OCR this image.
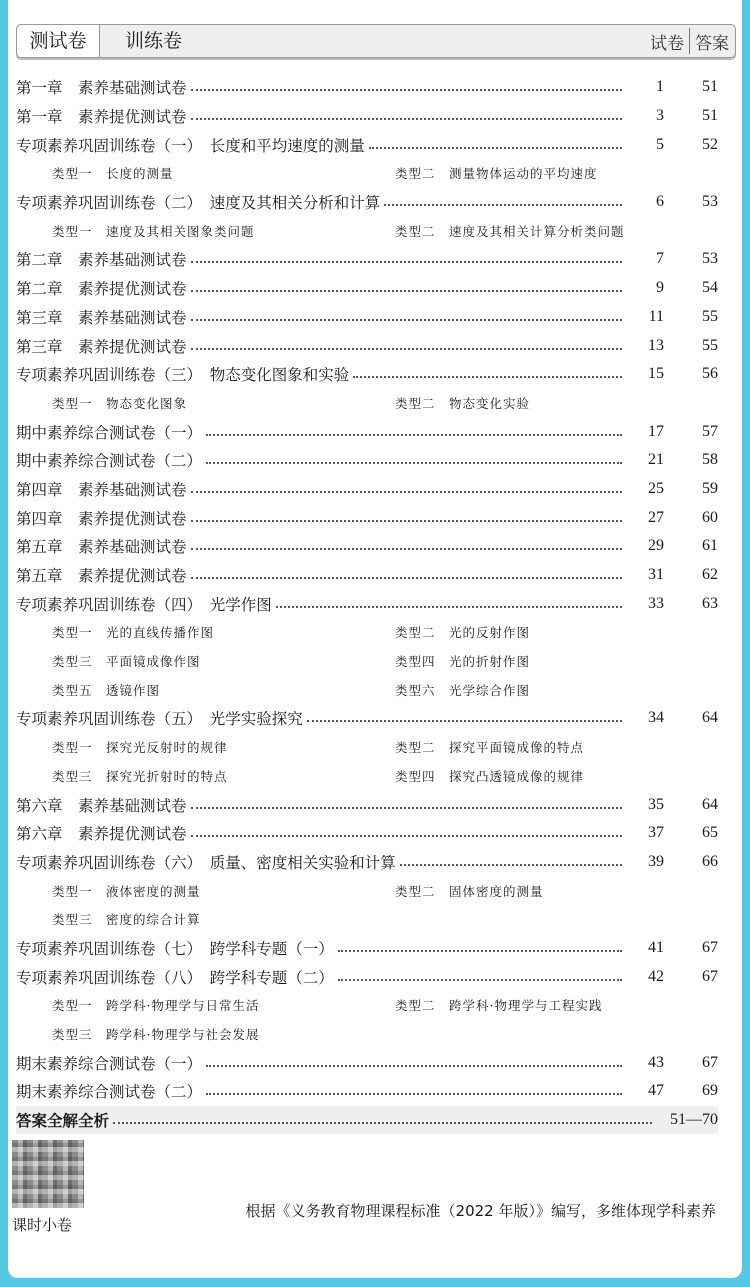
测试卷	训练卷	试卷 答案
第一章　素养基础测试卷	1	51
第一章　素养提优测试卷	3	51
专项素养巩固训练卷（一）　长度和平均速度的测量	5	52
类型一　长度的测量	类型二　测量物体运动的平均速度
专项素养巩固训练卷（二）　速度及其相关分析和计算	6	53
类型一　速度及其相关图象类问题	类型二　速度及其相关计算分析类问题
第二章　素养基础测试卷	7	53
第二章　素养提优测试卷	9	54
第三章　素养基础测试卷	11	55
第三章　素养提优测试卷	13	55
专项素养巩固训练卷（三）　物态变化图象和实验	15	56
类型一　物态变化图象	类型二　物态变化实验
期中素养综合测试卷（一）	17	57
期中素养综合测试卷（二）	21	58
第四章　素养基础测试卷	25	59
第四章　素养提优测试卷	27	60
第五章　素养基础测试卷	29	61
第五章　素养提优测试卷	31	62
专项素养巩固训练卷（四）　光学作图	33	63
类型一　光的直线传播作图	类型二　光的反射作图
类型三　平面镜成像作图	类型四　光的折射作图
类型五　透镜作图	类型六　光学综合作图
专项素养巩固训练卷（五）　光学实验探究	34	64
类型一　探究光反射时的规律	类型二　探究平面镜成像的特点
类型三　探究光折射时的特点	类型四　探究凸透镜成像的规律
第六章　素养基础测试卷	35	64
第六章　素养提优测试卷	37	65
专项素养巩固训练卷（六）　质量、密度相关实验和计算	39	66
类型一　液体密度的测量	类型二　固体密度的测量
类型三　密度的综合计算
专项素养巩固训练卷（七）　跨学科专题（一）	41	67
专项素养巩固训练卷（八）　跨学科专题（二）	42	67
类型一　跨学科·物理学与日常生活	类型二　跨学科·物理学与工程实践
类型三　跨学科·物理学与社会发展
期末素养综合测试卷（一）	43	67
期末素养综合测试卷（二）	47	69
答案全解全析	51—70
课时小卷
根据《义务教育物理课程标准（2022 年版）》编写，多维体现学科素养
